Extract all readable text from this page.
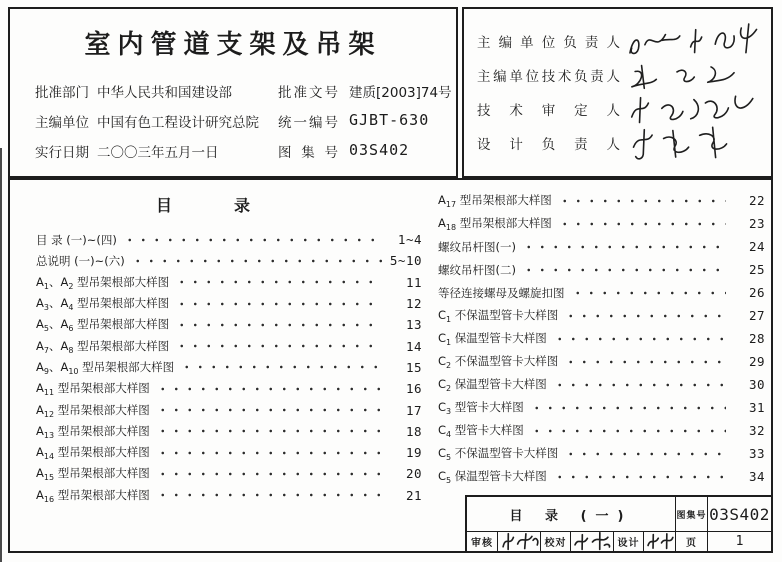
室内管道支架及吊架
批准部门 中华人民共和国建设部	批准文号 建质[2003]74号
主编单位 中国有色工程设计研究总院 统一编号 GJBT-630
实行日期 二〇〇三年五月一日	图集号 03S402
主编单位负责人
主编单位技术负责人
技术审定人
设计负责人
目录
目 录 (一)~(四)	1~4
总说明 (一)~(六)	5~10
$A_1$、$A_2$ 型吊架根部大样图	11
$A_3$、$A_4$ 型吊架根部大样图	12
$A_5$、$A_6$ 型吊架根部大样图	13
$A_7$、$A_8$ 型吊架根部大样图	14
$A_9$、$A_{10}$ 型吊架根部大样图	15
$A_{11}$ 型吊架根部大样图	16
$A_{12}$ 型吊架根部大样图	17
$A_{13}$ 型吊架根部大样图	18
$A_{14}$ 型吊架根部大样图	19
$A_{15}$ 型吊架根部大样图	20
$A_{16}$ 型吊架根部大样图	21
$A_{17}$ 型吊架根部大样图	22
$A_{18}$ 型吊架根部大样图	23
螺纹吊杆图(一)	24
螺纹吊杆图(二)	25
等径连接螺母及螺旋扣图	26
$C_1$ 不保温型管卡大样图	27
$C_1$ 保温型管卡大样图	28
$C_2$ 不保温型管卡大样图	29
$C_2$ 保温型管卡大样图	30
$C_3$ 型管卡大样图	31
$C_4$ 型管卡大样图	32
$C_5$ 不保温型管卡大样图	33
$C_5$ 保温型管卡大样图	34
目 录 (一)	图集号 03S402
审核	校对	设计	页	1
